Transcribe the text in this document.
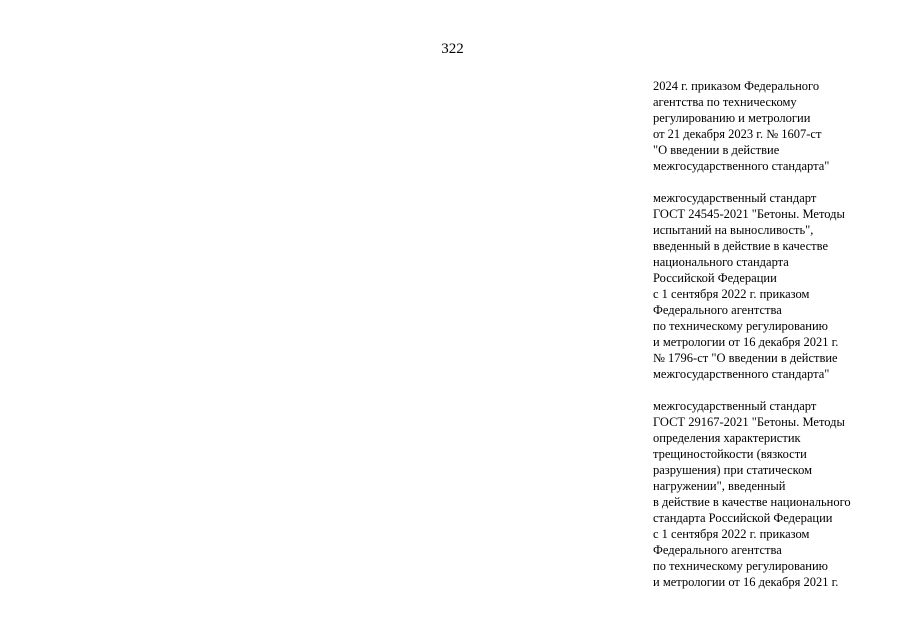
322
2024 г. приказом Федерального
агентства по техническому
регулированию и метрологии
от 21 декабря 2023 г. № 1607-ст
"О введении в действие
межгосударственного стандарта"
межгосударственный стандарт
ГОСТ 24545-2021 "Бетоны. Методы
испытаний на выносливость",
введенный в действие в качестве
национального стандарта
Российской Федерации
с 1 сентября 2022 г. приказом
Федерального агентства
по техническому регулированию
и метрологии от 16 декабря 2021 г.
№ 1796-ст "О введении в действие
межгосударственного стандарта"
межгосударственный стандарт
ГОСТ 29167-2021 "Бетоны. Методы
определения характеристик
трещиностойкости (вязкости
разрушения) при статическом
нагружении", введенный
в действие в качестве национального
стандарта Российской Федерации
с 1 сентября 2022 г. приказом
Федерального агентства
по техническому регулированию
и метрологии от 16 декабря 2021 г.
